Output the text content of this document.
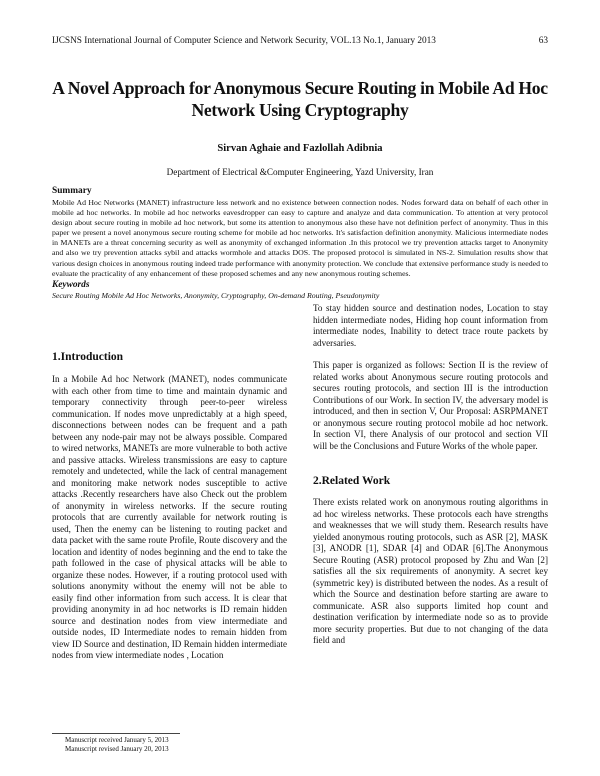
IJCSNS International Journal of Computer Science and Network Security, VOL.13 No.1, January 2013	63
A Novel Approach for Anonymous Secure Routing in Mobile Ad Hoc Network Using Cryptography
Sirvan Aghaie and Fazlollah Adibnia
Department of Electrical &Computer Engineering, Yazd University, Iran
Summary
Mobile Ad Hoc Networks (MANET) infrastructure less network and no existence between connection nodes. Nodes forward data on behalf of each other in mobile ad hoc networks. In mobile ad hoc networks eavesdropper can easy to capture and analyze and data communication. To attention at very protocol design about secure routing in mobile ad hoc network, but some its attention to anonymous also these have not definition perfect of anonymity. Thus in this paper we present a novel anonymous secure routing scheme for mobile ad hoc networks. It's satisfaction definition anonymity. Malicious intermediate nodes in MANETs are a threat concerning security as well as anonymity of exchanged information .In this protocol we try prevention attacks target to Anonymity and also we try prevention attacks sybil and attacks wormhole and attacks DOS. The proposed protocol is simulated in NS-2. Simulation results show that various design choices in anonymous routing indeed trade performance with anonymity protection. We conclude that extensive performance study is needed to evaluate the practicality of any enhancement of these proposed schemes and any new anonymous routing schemes.
Keywords
Secure Routing Mobile Ad Hoc Networks, Anonymity, Cryptography, On-demand Routing, Pseudonymity
1.Introduction

In a Mobile Ad hoc Network (MANET), nodes communicate with each other from time to time and maintain dynamic and temporary connectivity through peer-to-peer wireless communication. If nodes move unpredictably at a high speed, disconnections between nodes can be frequent and a path between any node-pair may not be always possible. Compared to wired networks, MANETs are more vulnerable to both active and passive attacks. Wireless transmissions are easy to capture remotely and undetected, while the lack of central management and monitoring make network nodes susceptible to active attacks .Recently researchers have also Check out the problem of anonymity in wireless networks. If the secure routing protocols that are currently available for network routing is used, Then the enemy can be listening to routing packet and data packet with the same route Profile, Route discovery and the location and identity of nodes beginning and the end to take the path followed in the case of physical attacks will be able to organize these nodes. However, if a routing protocol used with solutions anonymity without the enemy will not be able to easily find other information from such access. It is clear that providing anonymity in ad hoc networks is ID remain hidden source and destination nodes from view intermediate and outside nodes, ID Intermediate nodes to remain hidden from view ID Source and destination, ID Remain hidden intermediate nodes from view intermediate nodes , Location

To stay hidden source and destination nodes, Location to stay hidden intermediate nodes, Hiding hop count information from intermediate nodes, Inability to detect trace route packets by adversaries.

This paper is organized as follows: Section II is the review of related works about Anonymous secure routing protocols and secures routing protocols, and section III is the introduction Contributions of our Work. In section IV, the adversary model is introduced, and then in section V, Our Proposal: ASRPMANET or anonymous secure routing protocol mobile ad hoc network. In section VI, there Analysis of our protocol and section VII will be the Conclusions and Future Works of the whole paper.

2.Related Work

There exists related work on anonymous routing algorithms in ad hoc wireless networks. These protocols each have strengths and weaknesses that we will study them. Research results have yielded anonymous routing protocols, such as ASR [2], MASK [3], ANODR [1], SDAR [4] and ODAR [6].The Anonymous Secure Routing (ASR) protocol proposed by Zhu and Wan [2] satisfies all the six requirements of anonymity. A secret key (symmetric key) is distributed between the nodes. As a result of which the Source and destination before starting are aware to communicate. ASR also supports limited hop count and destination verification by intermediate node so as to provide more security properties. But due to not changing of the data field and

Manuscript received January 5, 2013
Manuscript revised January 20, 2013
